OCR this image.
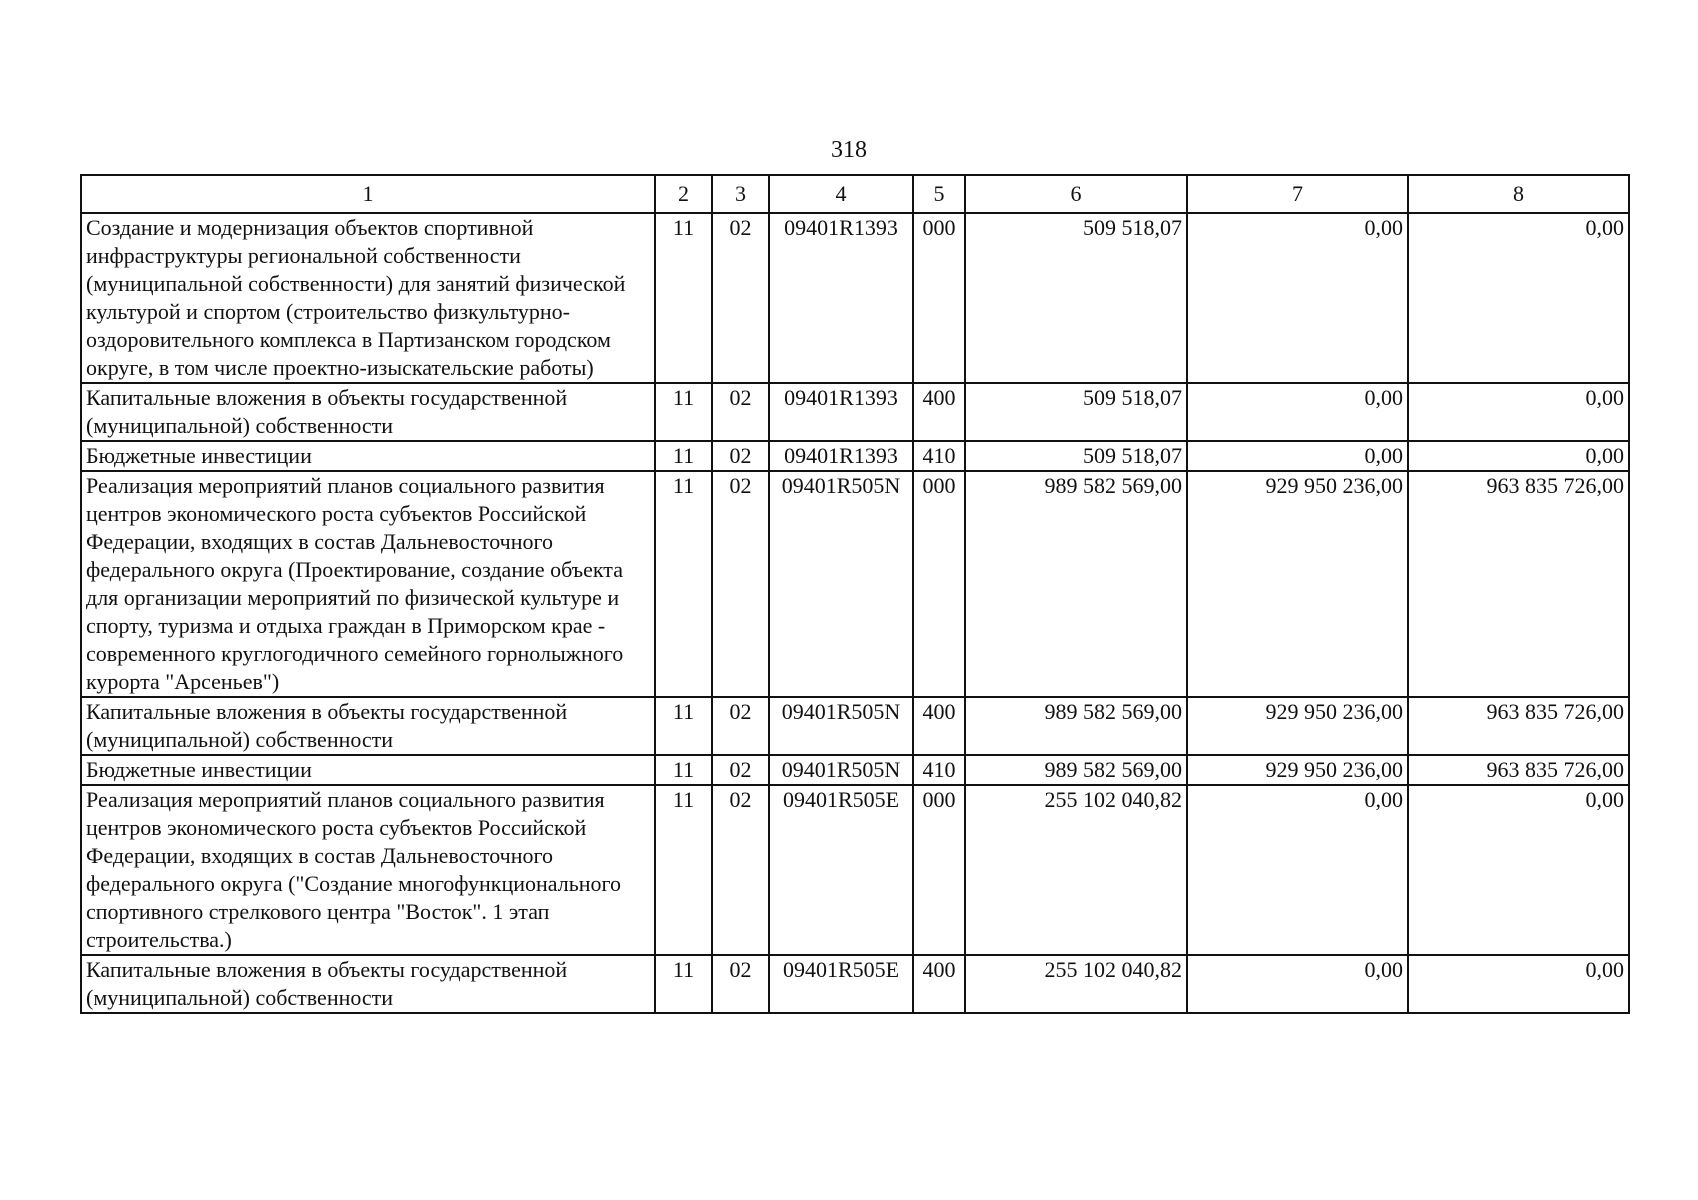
318
1	2	3	4	5	6	7	8
Создание и модернизация объектов спортивной инфраструктуры региональной собственности (муниципальной собственности) для занятий физической культурой и спортом (строительство физкультурно-оздоровительного комплекса в Партизанском городском округе, в том числе проектно-изыскательские работы)	11	02	09401R1393	000	509 518,07	0,00	0,00
Капитальные вложения в объекты государственной (муниципальной) собственности	11	02	09401R1393	400	509 518,07	0,00	0,00
Бюджетные инвестиции	11	02	09401R1393	410	509 518,07	0,00	0,00
Реализация мероприятий планов социального развития центров экономического роста субъектов Российской Федерации, входящих в состав Дальневосточного федерального округа (Проектирование, создание объекта для организации мероприятий по физической культуре и спорту, туризма и отдыха граждан в Приморском крае - современного круглогодичного семейного горнолыжного курорта "Арсеньев")	11	02	09401R505N	000	989 582 569,00	929 950 236,00	963 835 726,00
Капитальные вложения в объекты государственной (муниципальной) собственности	11	02	09401R505N	400	989 582 569,00	929 950 236,00	963 835 726,00
Бюджетные инвестиции	11	02	09401R505N	410	989 582 569,00	929 950 236,00	963 835 726,00
Реализация мероприятий планов социального развития центров экономического роста субъектов Российской Федерации, входящих в состав Дальневосточного федерального округа ("Создание многофункционального спортивного стрелкового центра "Восток". 1 этап строительства.)	11	02	09401R505E	000	255 102 040,82	0,00	0,00
Капитальные вложения в объекты государственной (муниципальной) собственности	11	02	09401R505E	400	255 102 040,82	0,00	0,00
